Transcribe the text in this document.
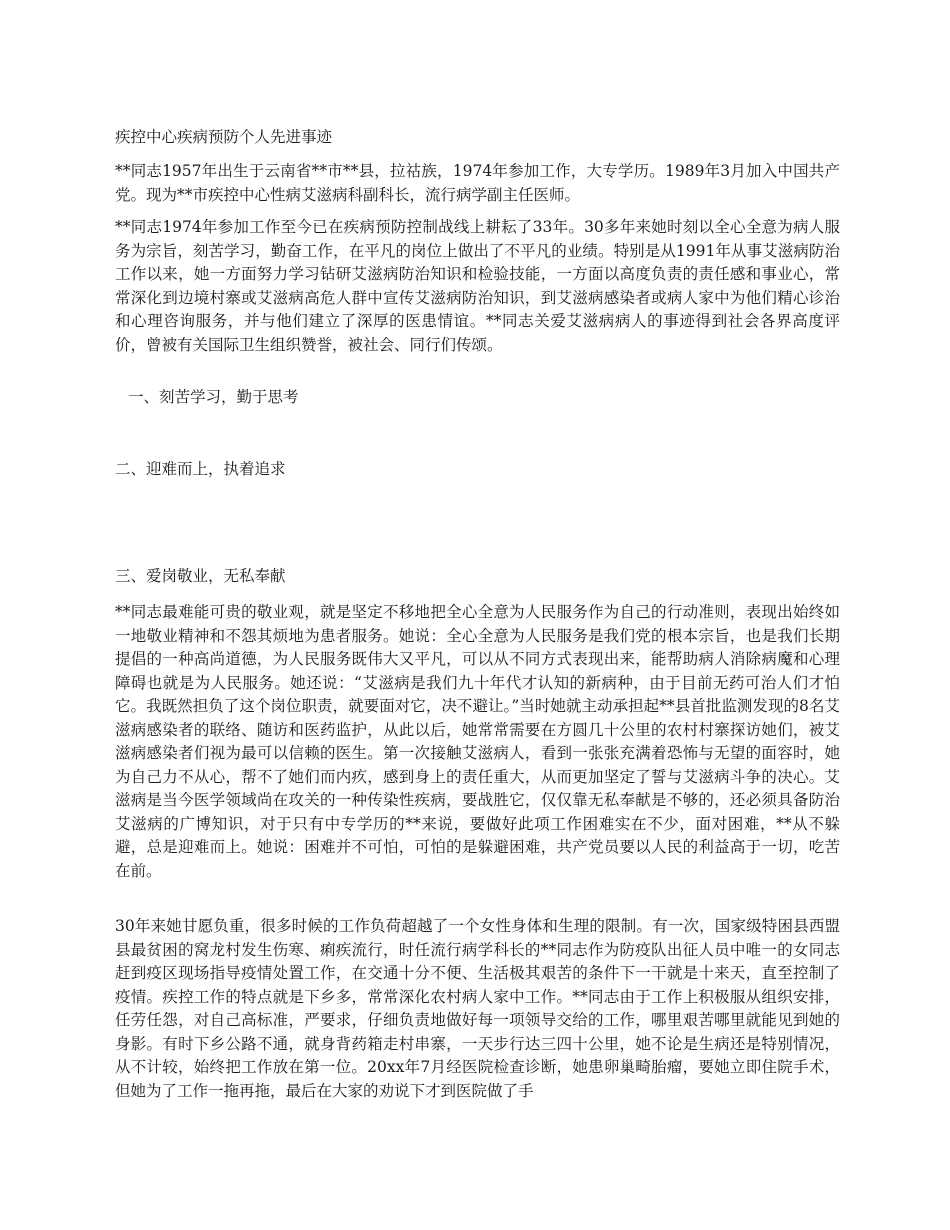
疾控中心疾病预防个人先进事迹

**同志1957年出生于云南省**市**县，拉祜族，1974年参加工作，大专学历。1989年3月加入中国共产党。现为**市疾控中心性病艾滋病科副科长，流行病学副主任医师。

**同志1974年参加工作至今已在疾病预防控制战线上耕耘了33年。30多年来她时刻以全心全意为病人服务为宗旨，刻苦学习，勤奋工作，在平凡的岗位上做出了不平凡的业绩。特别是从1991年从事艾滋病防治工作以来，她一方面努力学习钻研艾滋病防治知识和检验技能，一方面以高度负责的责任感和事业心，常常深化到边境村寨或艾滋病高危人群中宣传艾滋病防治知识，到艾滋病感染者或病人家中为他们精心诊治和心理咨询服务，并与他们建立了深厚的医患情谊。**同志关爱艾滋病病人的事迹得到社会各界高度评价，曾被有关国际卫生组织赞誉，被社会、同行们传颂。

一、刻苦学习，勤于思考
二、迎难而上，执着追求
三、爱岗敬业，无私奉献

**同志最难能可贵的敬业观，就是坚定不移地把全心全意为人民服务作为自己的行动准则，表现出始终如一地敬业精神和不怨其烦地为患者服务。她说：全心全意为人民服务是我们党的根本宗旨，也是我们长期提倡的一种高尚道德，为人民服务既伟大又平凡，可以从不同方式表现出来，能帮助病人消除病魔和心理障碍也就是为人民服务。她还说：“艾滋病是我们九十年代才认知的新病种，由于目前无药可治人们才怕它。我既然担负了这个岗位职责，就要面对它，决不避让。”当时她就主动承担起**县首批监测发现的8名艾滋病感染者的联络、随访和医药监护，从此以后，她常常需要在方圆几十公里的农村村寨探访她们，被艾滋病感染者们视为最可以信赖的医生。第一次接触艾滋病人，看到一张张充满着恐怖与无望的面容时，她为自己力不从心，帮不了她们而内疚，感到身上的责任重大，从而更加坚定了誓与艾滋病斗争的决心。艾滋病是当今医学领域尚在攻关的一种传染性疾病，要战胜它，仅仅靠无私奉献是不够的，还必须具备防治艾滋病的广博知识，对于只有中专学历的**来说，要做好此项工作困难实在不少，面对困难，**从不躲避，总是迎难而上。她说：困难并不可怕，可怕的是躲避困难，共产党员要以人民的利益高于一切，吃苦在前。

30年来她甘愿负重，很多时候的工作负荷超越了一个女性身体和生理的限制。有一次，国家级特困县西盟县最贫困的窝龙村发生伤寒、痢疾流行，时任流行病学科长的**同志作为防疫队出征人员中唯一的女同志赶到疫区现场指导疫情处置工作，在交通十分不便、生活极其艰苦的条件下一干就是十来天，直至控制了疫情。疾控工作的特点就是下乡多，常常深化农村病人家中工作。**同志由于工作上积极服从组织安排，任劳任怨，对自己高标准，严要求，仔细负责地做好每一项领导交给的工作，哪里艰苦哪里就能见到她的身影。有时下乡公路不通，就身背药箱走村串寨，一天步行达三四十公里，她不论是生病还是特别情况，从不计较，始终把工作放在第一位。20xx年7月经医院检查诊断，她患卵巢畸胎瘤，要她立即住院手术，但她为了工作一拖再拖，最后在大家的劝说下才到医院做了手
